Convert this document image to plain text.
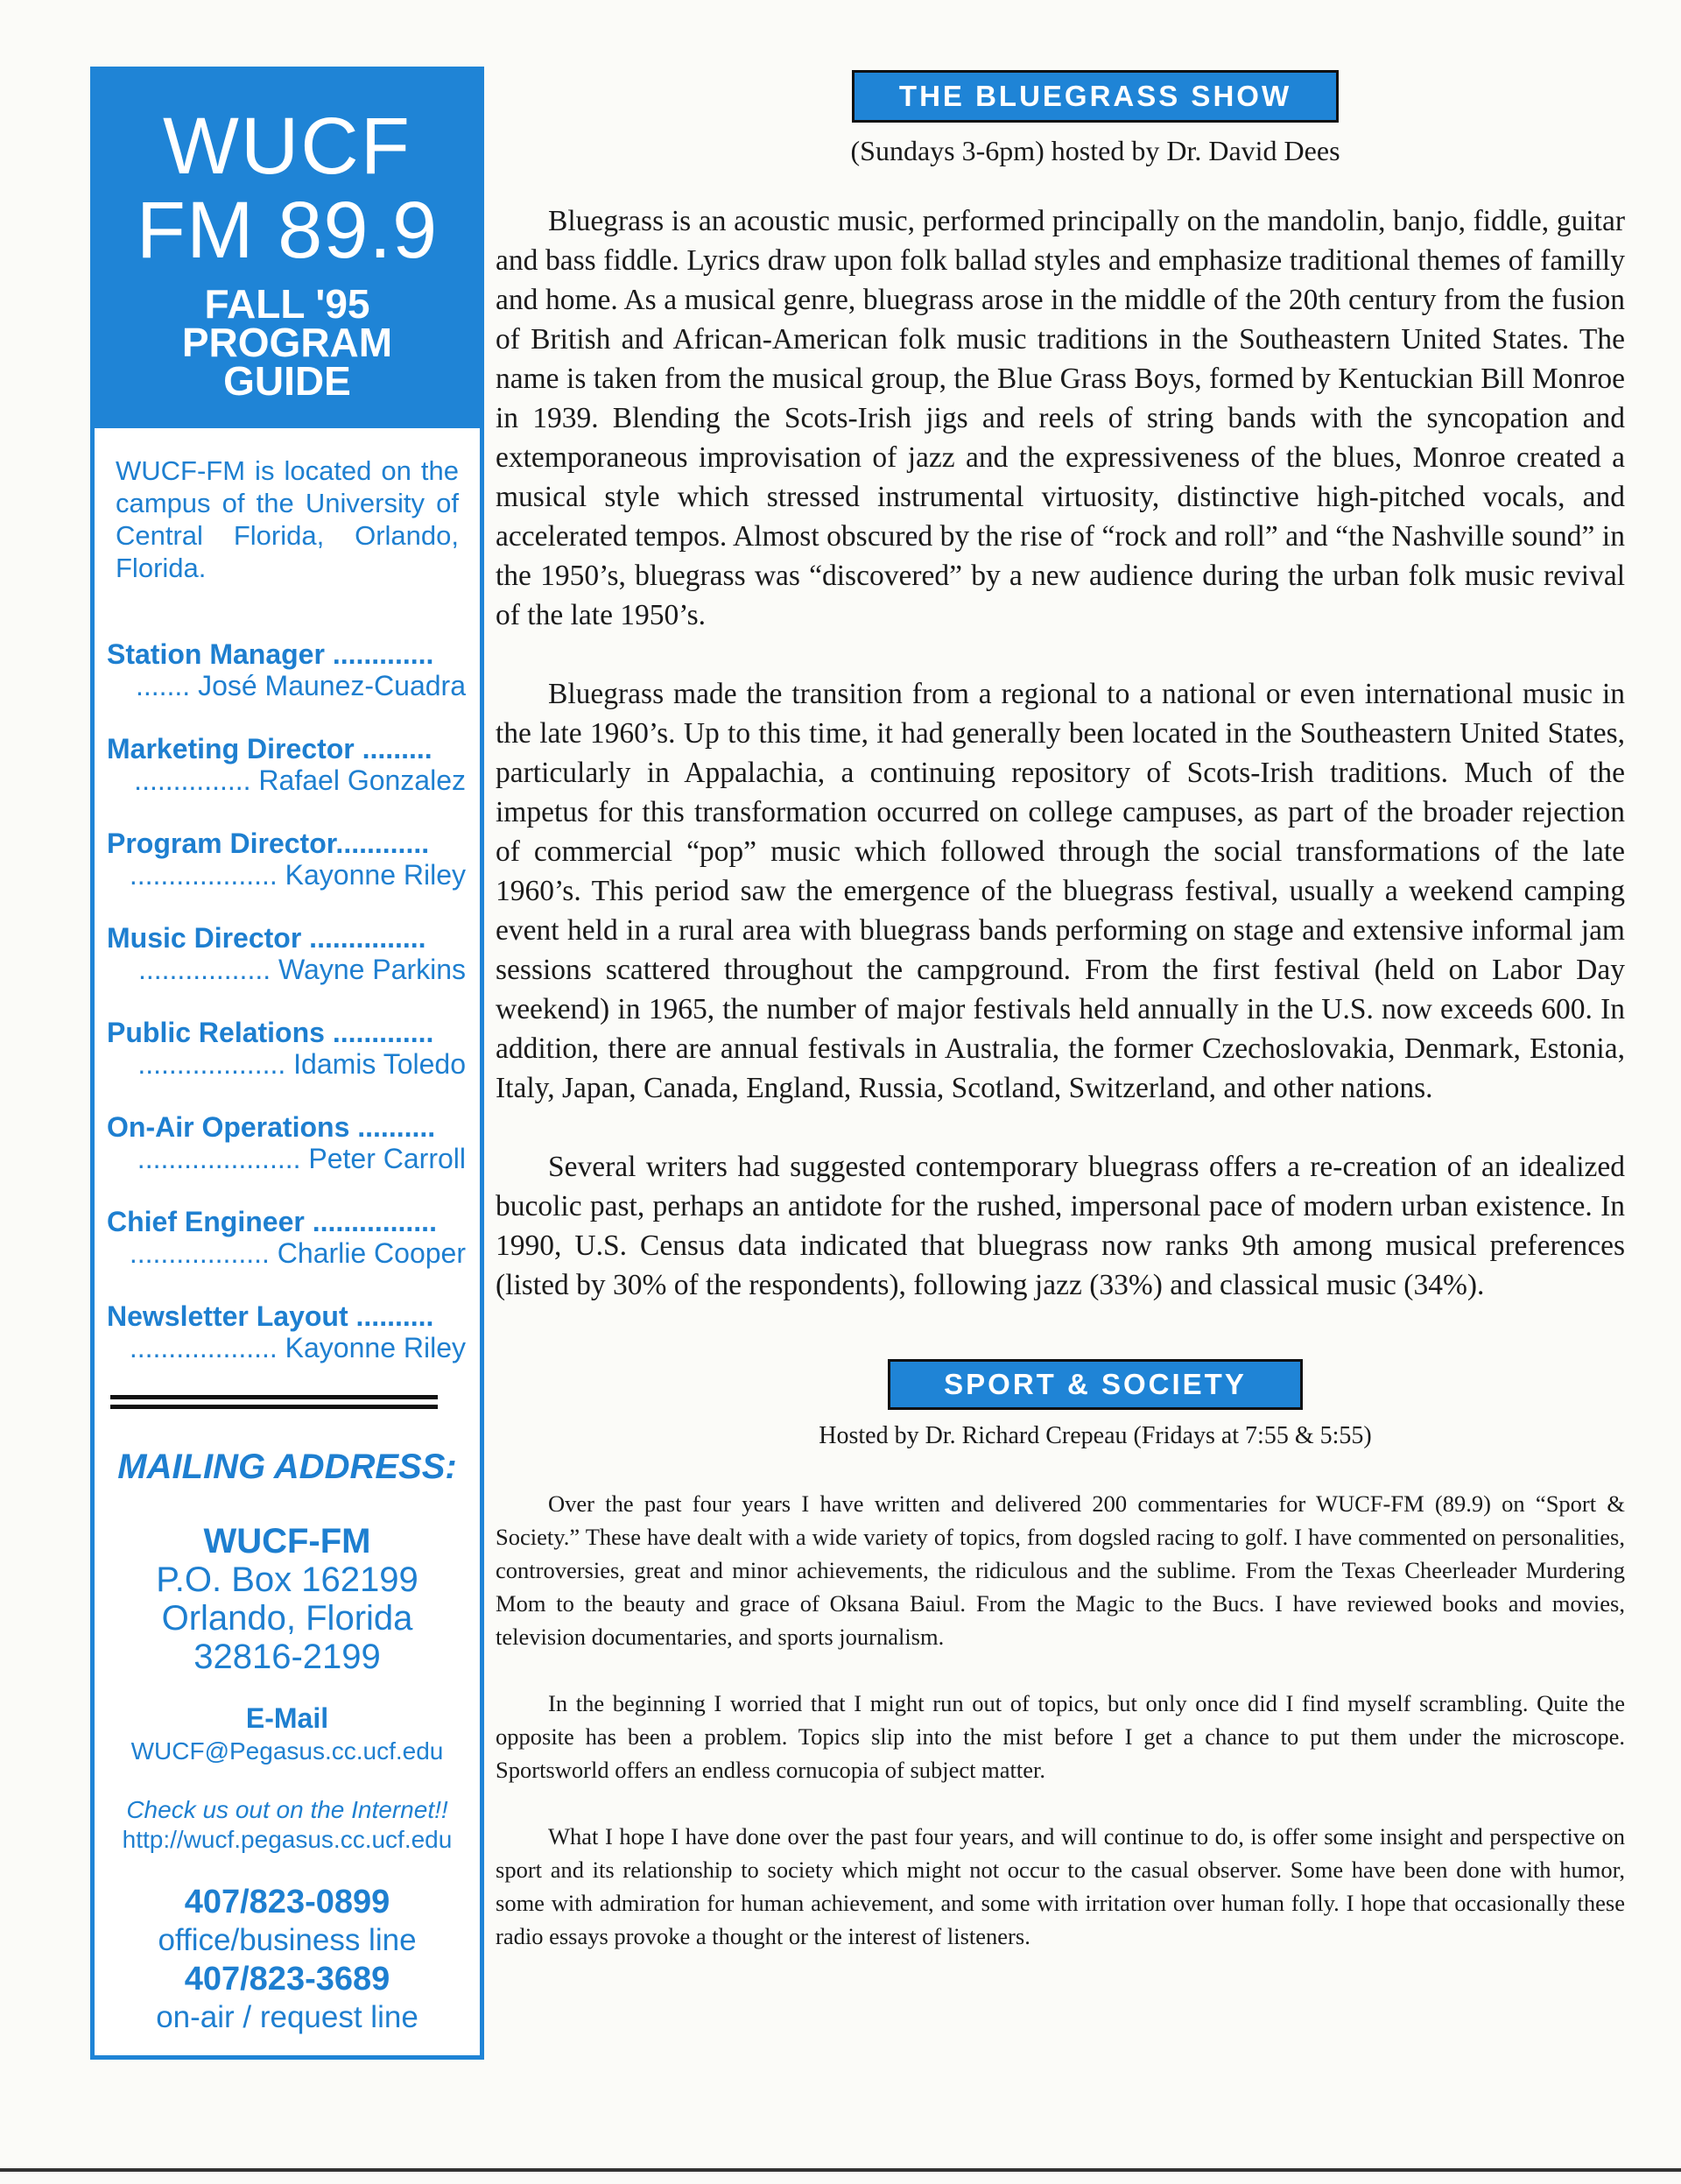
WUCF
FM 89.9
FALL '95
PROGRAM
GUIDE
WUCF-FM is located on the campus of the University of Central Florida, Orlando, Florida.
Station Manager .............
....... José Maunez-Cuadra
Marketing Director .........
............... Rafael Gonzalez
Program Director............
................... Kayonne Riley
Music Director ...............
................. Wayne Parkins
Public Relations .............
................... Idamis Toledo
On-Air Operations ..........
..................... Peter Carroll
Chief Engineer ................
.................. Charlie Cooper
Newsletter Layout ..........
................... Kayonne Riley
MAILING ADDRESS:
WUCF-FM
P.O. Box 162199
Orlando, Florida
32816-2199
E-Mail
WUCF@Pegasus.cc.ucf.edu
Check us out on the Internet!!
http://wucf.pegasus.cc.ucf.edu
407/823-0899
office/business line
407/823-3689
on-air / request line
THE BLUEGRASS SHOW
(Sundays 3-6pm) hosted by Dr. David Dees

Bluegrass is an acoustic music, performed principally on the mandolin, banjo, fiddle, guitar and bass fiddle. Lyrics draw upon folk ballad styles and emphasize traditional themes of familly and home. As a musical genre, bluegrass arose in the middle of the 20th century from the fusion of British and African-American folk music traditions in the Southeastern United States. The name is taken from the musical group, the Blue Grass Boys, formed by Kentuckian Bill Monroe in 1939. Blending the Scots-Irish jigs and reels of string bands with the syncopation and extemporaneous improvisation of jazz and the expressiveness of the blues, Monroe created a musical style which stressed instrumental virtuosity, distinctive high-pitched vocals, and accelerated tempos. Almost obscured by the rise of “rock and roll” and “the Nashville sound” in the 1950’s, bluegrass was “discovered” by a new audience during the urban folk music revival of the late 1950’s.

Bluegrass made the transition from a regional to a national or even international music in the late 1960’s. Up to this time, it had generally been located in the Southeastern United States, particularly in Appalachia, a continuing repository of Scots-Irish traditions. Much of the impetus for this transformation occurred on college campuses, as part of the broader rejection of commercial “pop” music which followed through the social transformations of the late 1960’s. This period saw the emergence of the bluegrass festival, usually a weekend camping event held in a rural area with bluegrass bands performing on stage and extensive informal jam sessions scattered throughout the campground. From the first festival (held on Labor Day weekend) in 1965, the number of major festivals held annually in the U.S. now exceeds 600. In addition, there are annual festivals in Australia, the former Czechoslovakia, Denmark, Estonia, Italy, Japan, Canada, England, Russia, Scotland, Switzerland, and other nations.

Several writers had suggested contemporary bluegrass offers a re-creation of an idealized bucolic past, perhaps an antidote for the rushed, impersonal pace of modern urban existence. In 1990, U.S. Census data indicated that bluegrass now ranks 9th among musical preferences (listed by 30% of the respondents), following jazz (33%) and classical music (34%).

SPORT & SOCIETY
Hosted by Dr. Richard Crepeau (Fridays at 7:55 & 5:55)

Over the past four years I have written and delivered 200 commentaries for WUCF-FM (89.9) on “Sport & Society.” These have dealt with a wide variety of topics, from dogsled racing to golf. I have commented on personalities, controversies, great and minor achievements, the ridiculous and the sublime. From the Texas Cheerleader Murdering Mom to the beauty and grace of Oksana Baiul. From the Magic to the Bucs. I have reviewed books and movies, television documentaries, and sports journalism.

In the beginning I worried that I might run out of topics, but only once did I find myself scrambling. Quite the opposite has been a problem. Topics slip into the mist before I get a chance to put them under the microscope. Sportsworld offers an endless cornucopia of subject matter.

What I hope I have done over the past four years, and will continue to do, is offer some insight and perspective on sport and its relationship to society which might not occur to the casual observer. Some have been done with humor, some with admiration for human achievement, and some with irritation over human folly. I hope that occasionally these radio essays provoke a thought or the interest of listeners.
